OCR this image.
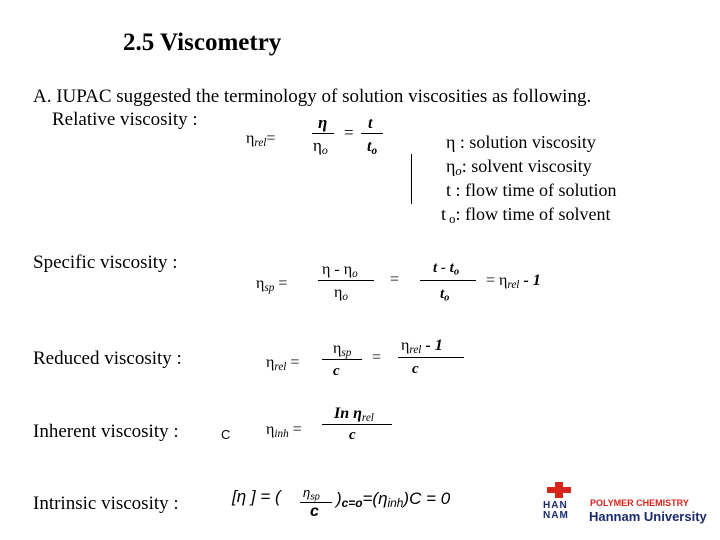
2.5 Viscometry
A. IUPAC suggested the terminology of solution viscosities as following.
Relative viscosity :
$\eta_{rel}=$
η
$\eta_o$
= t
$t_o$	η : solution viscosity
$\eta_o$: solvent viscosity
t : flow time of solution
t $_o$: flow time of solvent
Specific viscosity :
$\eta_{sp}$ =
η - $\eta_o$
$\eta_o$
=
t - $t_o$
$t_o$
= $\eta_{rel} - 1$
Reduced viscosity :	$\eta_{rel}$ =
$\eta_{sp}$
c
=
$\eta_{rel} - 1$
c
Inherent viscosity :	C $\eta_{inh}$ =
In $\eta_{rel}$
c
Intrinsic viscosity :	[η ] = ( $\eta_{sp}$
c
)$_{c=o}=(\eta_{inh})C = 0$	HAN
NAM
POLYMER CHEMISTRY
Hannam University
